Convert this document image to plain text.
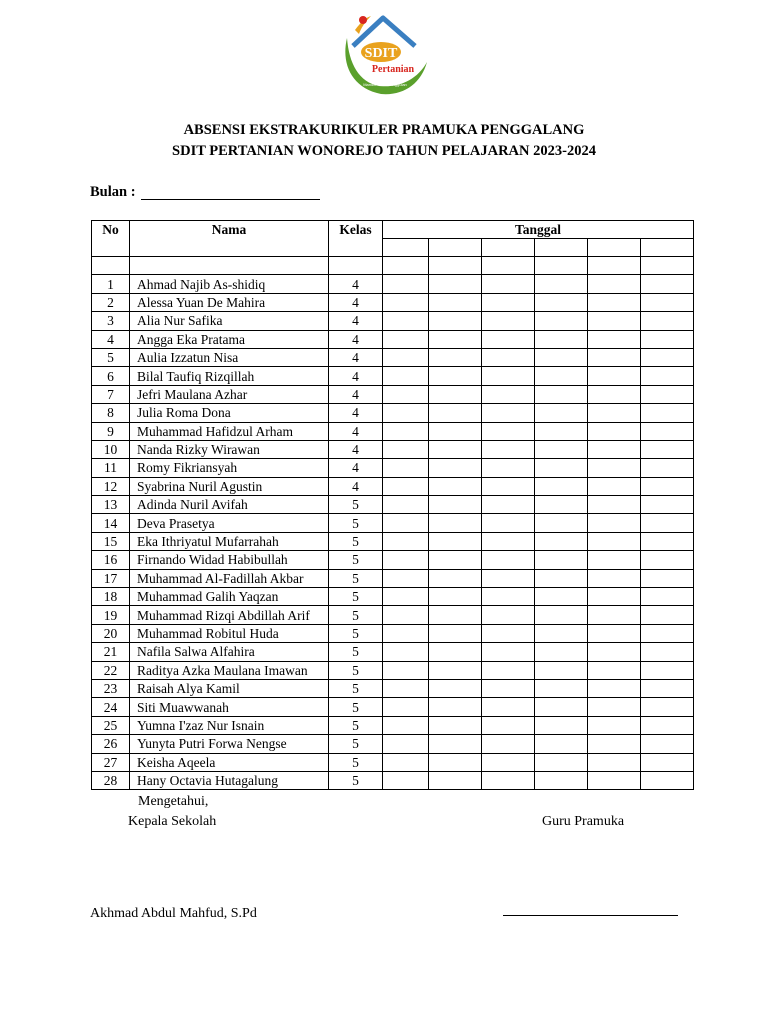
SDIT
Pertanian
Mandiri - Berkeunggulan
ABSENSI EKSTRAKURIKULER PRAMUKA PENGGALANG
SDIT PERTANIAN WONOREJO TAHUN PELAJARAN 2023-2024
Bulan :
No	Nama	Kelas	Tanggal					

1	Ahmad Najib As-shidiq	4						
2	Alessa Yuan De Mahira	4						
3	Alia Nur Safika	4						
4	Angga Eka Pratama	4						
5	Aulia Izzatun Nisa	4						
6	Bilal Taufiq Rizqillah	4						
7	Jefri Maulana Azhar	4						
8	Julia Roma Dona	4						
9	Muhammad Hafidzul Arham	4						
10	Nanda Rizky Wirawan	4						
11	Romy Fikriansyah	4						
12	Syabrina Nuril Agustin	4						
13	Adinda Nuril Avifah	5						
14	Deva Prasetya	5						
15	Eka Ithriyatul Mufarrahah	5						
16	Firnando Widad Habibullah	5						
17	Muhammad Al-Fadillah Akbar	5						
18	Muhammad Galih Yaqzan	5						
19	Muhammad Rizqi Abdillah Arif	5						
20	Muhammad Robitul Huda	5						
21	Nafila Salwa Alfahira	5						
22	Raditya Azka Maulana Imawan	5						
23	Raisah Alya Kamil	5						
24	Siti Muawwanah	5						
25	Yumna I'zaz Nur Isnain	5						
26	Yunyta Putri Forwa Nengse	5						
27	Keisha Aqeela	5						
28	Hany Octavia Hutagalung	5						
Mengetahui,
Kepala Sekolah	Guru Pramuka
Akhmad Abdul Mahfud, S.Pd
